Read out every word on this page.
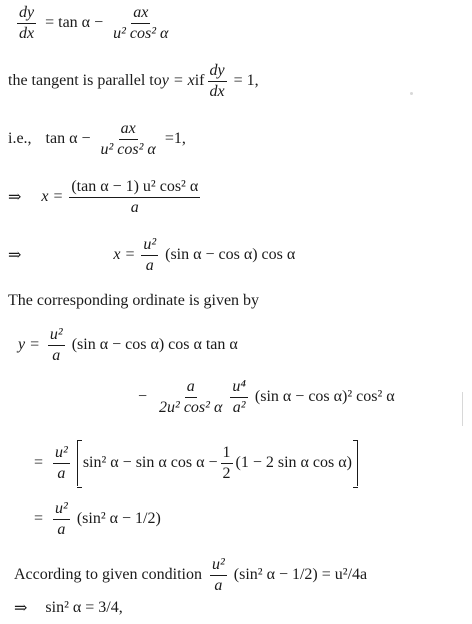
$\frac{dy}{dx} = \tan \alpha - \frac{ax}{\text{u² cos² α}}$
the tangent is parallel to y = x if $\frac{dy}{dx} = 1$,
i.e., $\tan \alpha - \frac{ax}{\text{u² cos² α}} =1$,
⇒ $x = \frac{\text{(tan α − 1) u² cos² α}}{a}$
⇒	$x = \frac{\text{u²}}{a} (\sin$ α − cos α) cos α
The corresponding ordinate is given by
$y = \frac{\text{u²}}{a} (\sin$ α − cos α) cos α tan α
− $\frac{a}{\text{2u² cos² α}} \frac{\text{u⁴}}{\text{a²}} (\sin$ α − cos α)² cos² α
= $\frac{\text{u²}}{a} \sin^2$ α − sin α $\cos \alpha - \frac{1}{2} (1 - 2$ sin α cos α)
= $\frac{\text{u²}}{a} (\sin^2$ α − 1/2)
According to given condition $\frac{\text{u²}}{a} (\sin^2$ α − 1/2) = u²/4a
⇒ sin² α = 3/4,
